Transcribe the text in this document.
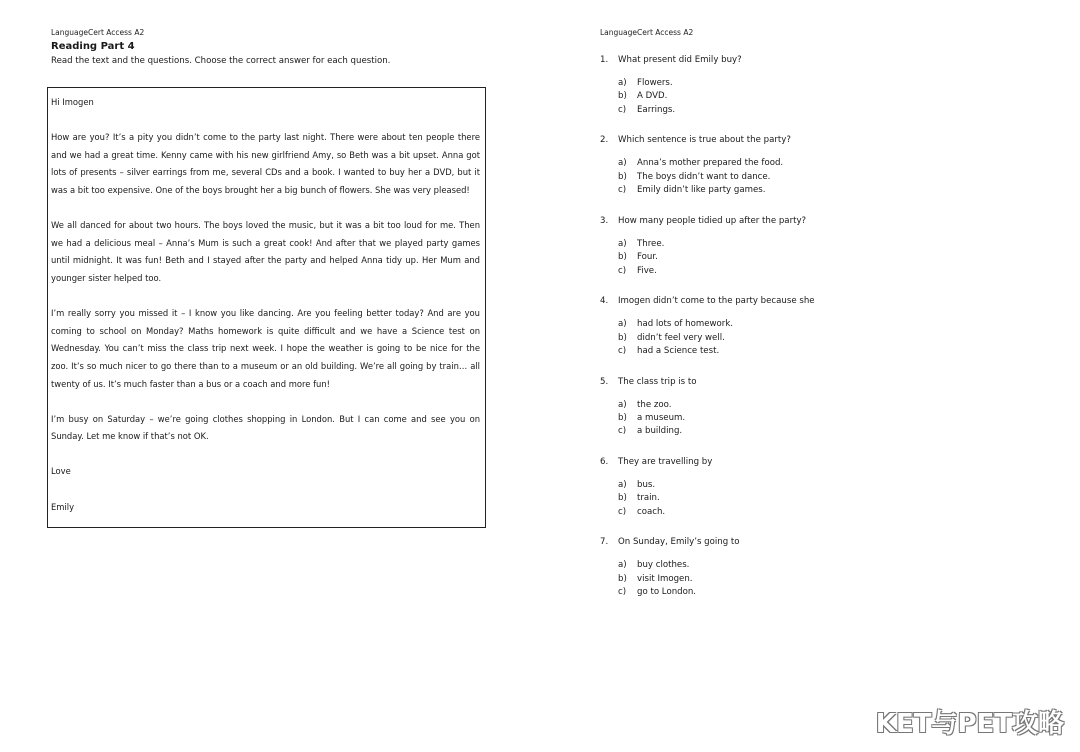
LanguageCert Access A2
Reading Part 4
Read the text and the questions. Choose the correct answer for each question.

Hi Imogen

How are you? It’s a pity you didn’t come to the party last night. There were about ten people there and we had a great time. Kenny came with his new girlfriend Amy, so Beth was a bit upset. Anna got lots of presents – silver earrings from me, several CDs and a book. I wanted to buy her a DVD, but it was a bit too expensive. One of the boys brought her a big bunch of flowers. She was very pleased!

We all danced for about two hours. The boys loved the music, but it was a bit too loud for me. Then we had a delicious meal – Anna’s Mum is such a great cook! And after that we played party games until midnight. It was fun! Beth and I stayed after the party and helped Anna tidy up. Her Mum and younger sister helped too.

I’m really sorry you missed it – I know you like dancing. Are you feeling better today? And are you coming to school on Monday? Maths homework is quite difficult and we have a Science test on Wednesday. You can’t miss the class trip next week. I hope the weather is going to be nice for the zoo. It’s so much nicer to go there than to a museum or an old building. We’re all going by train… all twenty of us. It’s much faster than a bus or a coach and more fun!

I’m busy on Saturday – we’re going clothes shopping in London. But I can come and see you on Sunday. Let me know if that’s not OK.

Love

Emily

LanguageCert Access A2
1. What present did Emily buy?
a) Flowers.
b) A DVD.
c) Earrings.
2. Which sentence is true about the party?
a) Anna’s mother prepared the food.
b) The boys didn’t want to dance.
c) Emily didn’t like party games.
3. How many people tidied up after the party?
a) Three.
b) Four.
c) Five.
4. Imogen didn’t come to the party because she
a) had lots of homework.
b) didn’t feel very well.
c) had a Science test.
5. The class trip is to
a) the zoo.
b) a museum.
c) a building.
6. They are travelling by
a) bus.
b) train.
c) coach.
7. On Sunday, Emily’s going to
a) buy clothes.
b) visit Imogen.
c) go to London.
KET与PET攻略
